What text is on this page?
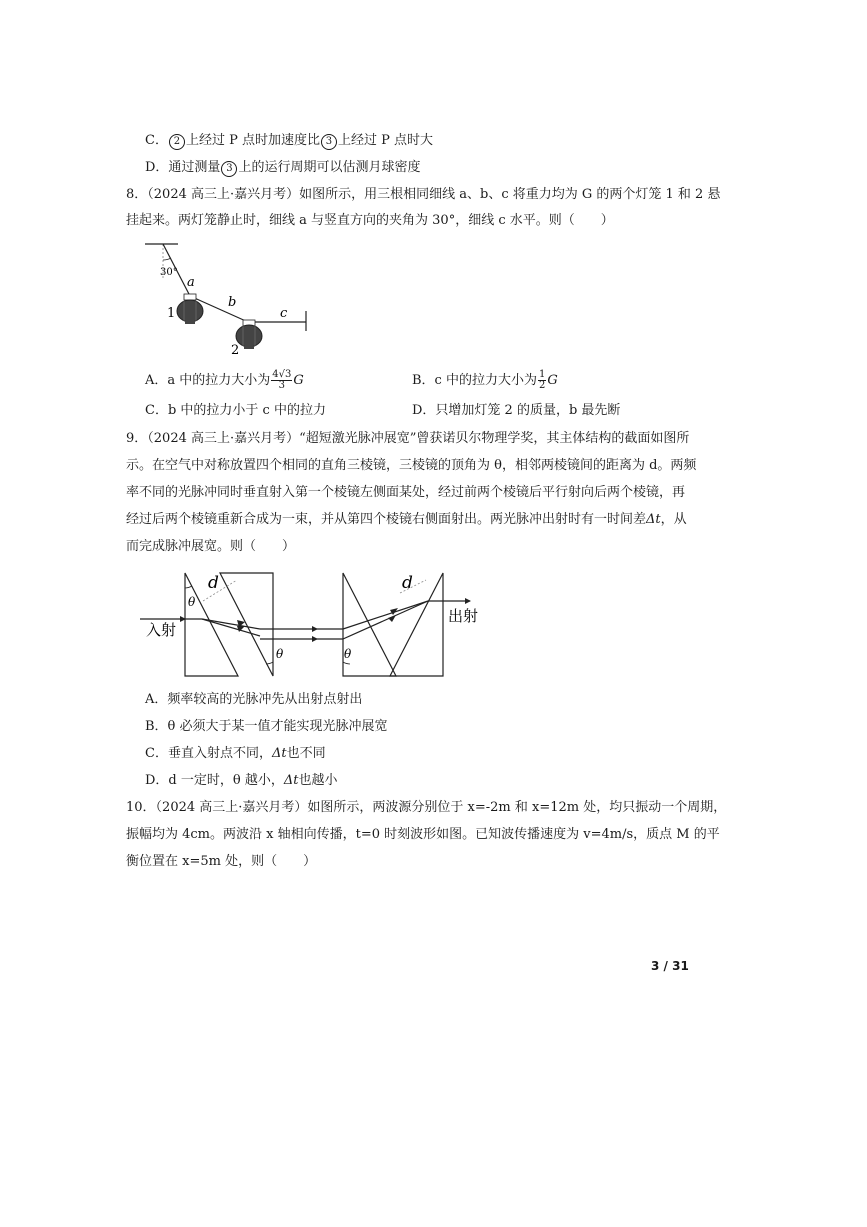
C． 2 上经过 P 点时加速度比 3 上经过 P 点时大
D．通过测量 3 上的运行周期可以估测月球密度
8．（2024 高三上·嘉兴月考）如图所示，用三根相同细线 a、b、c 将重力均为 G 的两个灯笼 1 和 2 悬
挂起来。两灯笼静止时，细线 a 与竖直方向的夹角为 30°，细线 c 水平。则（　　）
30°
a
b
c
1
2
A．a 中的拉力大小为 $\frac{4√3}{3}$ G	B．c 中的拉力大小为 $\frac{1}{2}$ G
C．b 中的拉力小于 c 中的拉力	D．只增加灯笼 2 的质量，b 最先断
9．（2024 高三上·嘉兴月考）“超短激光脉冲展宽”曾获诺贝尔物理学奖，其主体结构的截面如图所
示。在空气中对称放置四个相同的直角三棱镜，三棱镜的顶角为 θ，相邻两棱镜间的距离为 d。两频
率不同的光脉冲同时垂直射入第一个棱镜左侧面某处，经过前两个棱镜后平行射向后两个棱镜，再
经过后两个棱镜重新合成为一束，并从第四个棱镜右侧面射出。两光脉冲出射时有一时间差Δt，从
而完成脉冲展宽。则（　　）
d	d
θ
θ	θ
入射
出射
A．频率较高的光脉冲先从出射点射出
B．θ 必须大于某一值才能实现光脉冲展宽
C．垂直入射点不同，Δt也不同
D．d 一定时，θ 越小，Δt也越小
10．（2024 高三上·嘉兴月考）如图所示，两波源分别位于 x=-2m 和 x=12m 处，均只振动一个周期，
振幅均为 4cm。两波沿 x 轴相向传播，t=0 时刻波形如图。已知波传播速度为 v=4m/s，质点 M 的平
衡位置在 x=5m 处，则（　　）
3 / 31
